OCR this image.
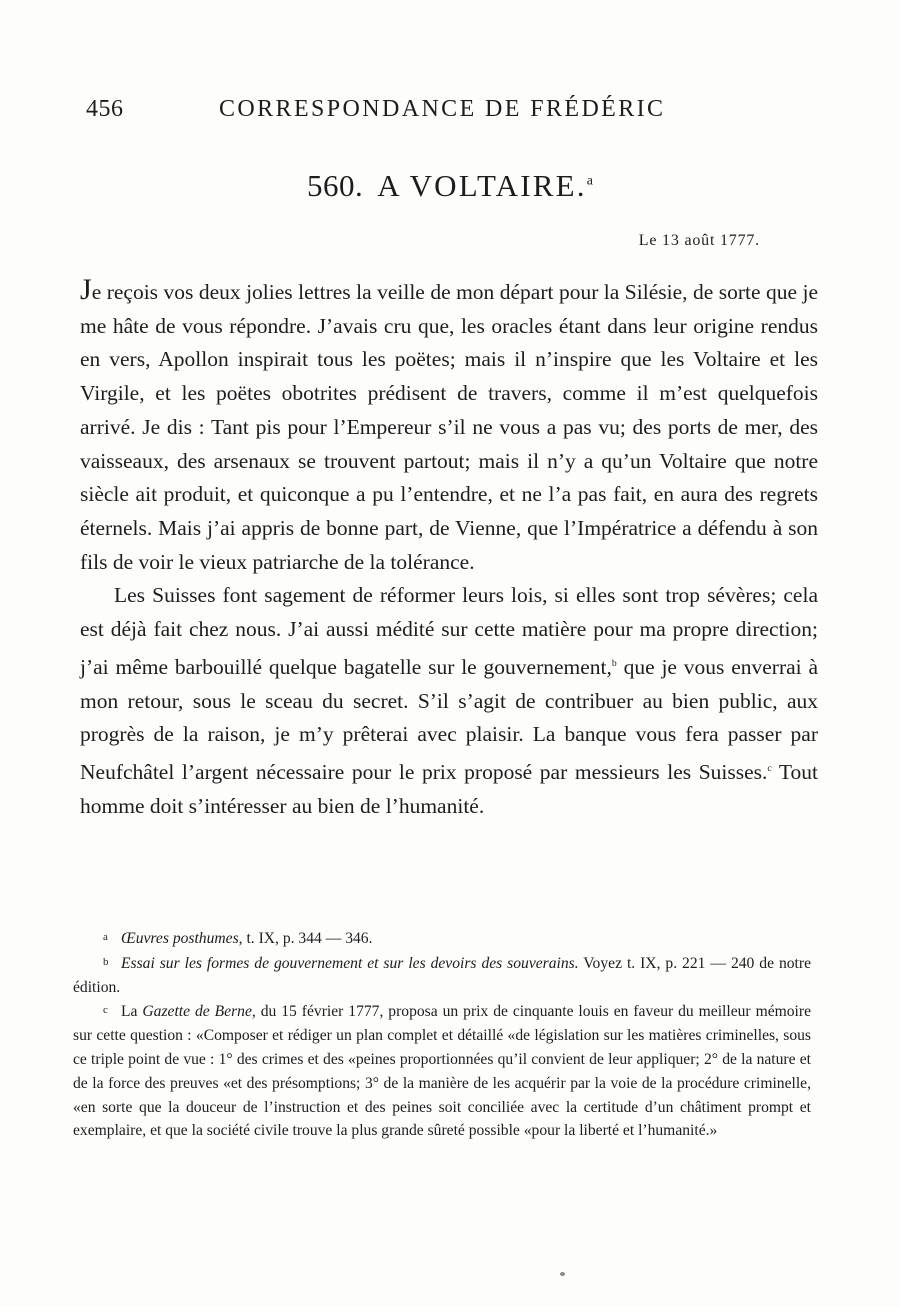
456	CORRESPONDANCE DE FRÉDÉRIC
560. A VOLTAIRE.$^a$
Le 13 août 1777.

Je reçois vos deux jolies lettres la veille de mon départ pour la Silésie, de sorte que je me hâte de vous répondre. J’avais cru que, les oracles étant dans leur origine rendus en vers, Apollon inspirait tous les poëtes; mais il n’inspire que les Voltaire et les Virgile, et les poëtes obotrites prédisent de travers, comme il m’est quelquefois arrivé. Je dis : Tant pis pour l’Empereur s’il ne vous a pas vu; des ports de mer, des vaisseaux, des arsenaux se trouvent partout; mais il n’y a qu’un Voltaire que notre siècle ait produit, et quiconque a pu l’entendre, et ne l’a pas fait, en aura des regrets éternels. Mais j’ai appris de bonne part, de Vienne, que l’Impératrice a défendu à son fils de voir le vieux patriarche de la tolérance.

Les Suisses font sagement de réformer leurs lois, si elles sont trop sévères; cela est déjà fait chez nous. J’ai aussi médité sur cette matière pour ma propre direction; j’ai même barbouillé quelque bagatelle sur le gouvernement,$^b$ que je vous enverrai à mon retour, sous le sceau du secret. S’il s’agit de contribuer au bien public, aux progrès de la raison, je m’y prêterai avec plaisir. La banque vous fera passer par Neufchâtel l’argent nécessaire pour le prix proposé par messieurs les Suisses.$^c$ Tout homme doit s’intéresser au bien de l’humanité.

a Œuvres posthumes, t. IX, p. 344 — 346.

b Essai sur les formes de gouvernement et sur les devoirs des souverains. Voyez t. IX, p. 221 — 240 de notre édition.

c La Gazette de Berne, du 15 février 1777, proposa un prix de cinquante louis en faveur du meilleur mémoire sur cette question : «Composer et rédiger un plan complet et détaillé «de législation sur les matières criminelles, sous ce triple point de vue : 1° des crimes et des «peines proportionnées qu’il convient de leur appliquer; 2° de la nature et de la force des preuves «et des présomptions; 3° de la manière de les acquérir par la voie de la procédure criminelle, «en sorte que la douceur de l’instruction et des peines soit conciliée avec la certitude d’un châtiment prompt et exemplaire, et que la société civile trouve la plus grande sûreté possible «pour la liberté et l’humanité.»
